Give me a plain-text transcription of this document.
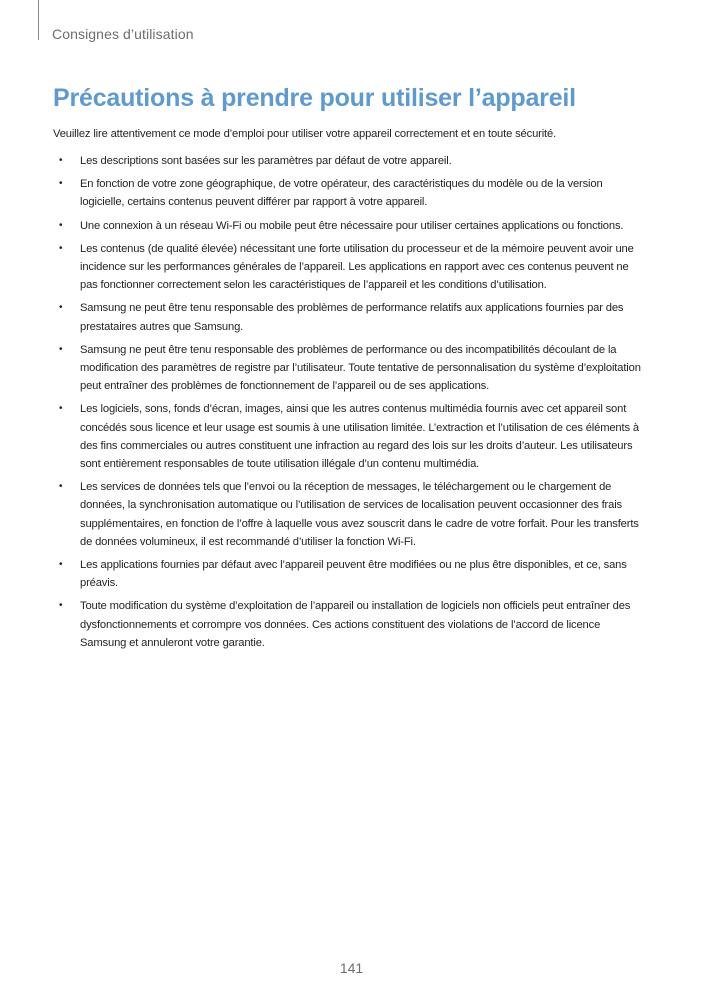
Consignes d’utilisation
Précautions à prendre pour utiliser l’appareil
Veuillez lire attentivement ce mode d’emploi pour utiliser votre appareil correctement et en toute sécurité.
• Les descriptions sont basées sur les paramètres par défaut de votre appareil.
• En fonction de votre zone géographique, de votre opérateur, des caractéristiques du modèle ou de la version logicielle, certains contenus peuvent différer par rapport à votre appareil.
• Une connexion à un réseau Wi-Fi ou mobile peut être nécessaire pour utiliser certaines applications ou fonctions.
• Les contenus (de qualité élevée) nécessitant une forte utilisation du processeur et de la mémoire peuvent avoir une incidence sur les performances générales de l’appareil. Les applications en rapport avec ces contenus peuvent ne pas fonctionner correctement selon les caractéristiques de l’appareil et les conditions d’utilisation.
• Samsung ne peut être tenu responsable des problèmes de performance relatifs aux applications fournies par des prestataires autres que Samsung.
• Samsung ne peut être tenu responsable des problèmes de performance ou des incompatibilités découlant de la modification des paramètres de registre par l’utilisateur. Toute tentative de personnalisation du système d’exploitation peut entraîner des problèmes de fonctionnement de l’appareil ou de ses applications.
• Les logiciels, sons, fonds d’écran, images, ainsi que les autres contenus multimédia fournis avec cet appareil sont concédés sous licence et leur usage est soumis à une utilisation limitée. L’extraction et l’utilisation de ces éléments à des fins commerciales ou autres constituent une infraction au regard des lois sur les droits d’auteur. Les utilisateurs sont entièrement responsables de toute utilisation illégale d’un contenu multimédia.
• Les services de données tels que l’envoi ou la réception de messages, le téléchargement ou le chargement de données, la synchronisation automatique ou l’utilisation de services de localisation peuvent occasionner des frais supplémentaires, en fonction de l’offre à laquelle vous avez souscrit dans le cadre de votre forfait. Pour les transferts de données volumineux, il est recommandé d’utiliser la fonction Wi-Fi.
• Les applications fournies par défaut avec l’appareil peuvent être modifiées ou ne plus être disponibles, et ce, sans préavis.
• Toute modification du système d’exploitation de l’appareil ou installation de logiciels non officiels peut entraîner des dysfonctionnements et corrompre vos données. Ces actions constituent des violations de l’accord de licence Samsung et annuleront votre garantie.
141
